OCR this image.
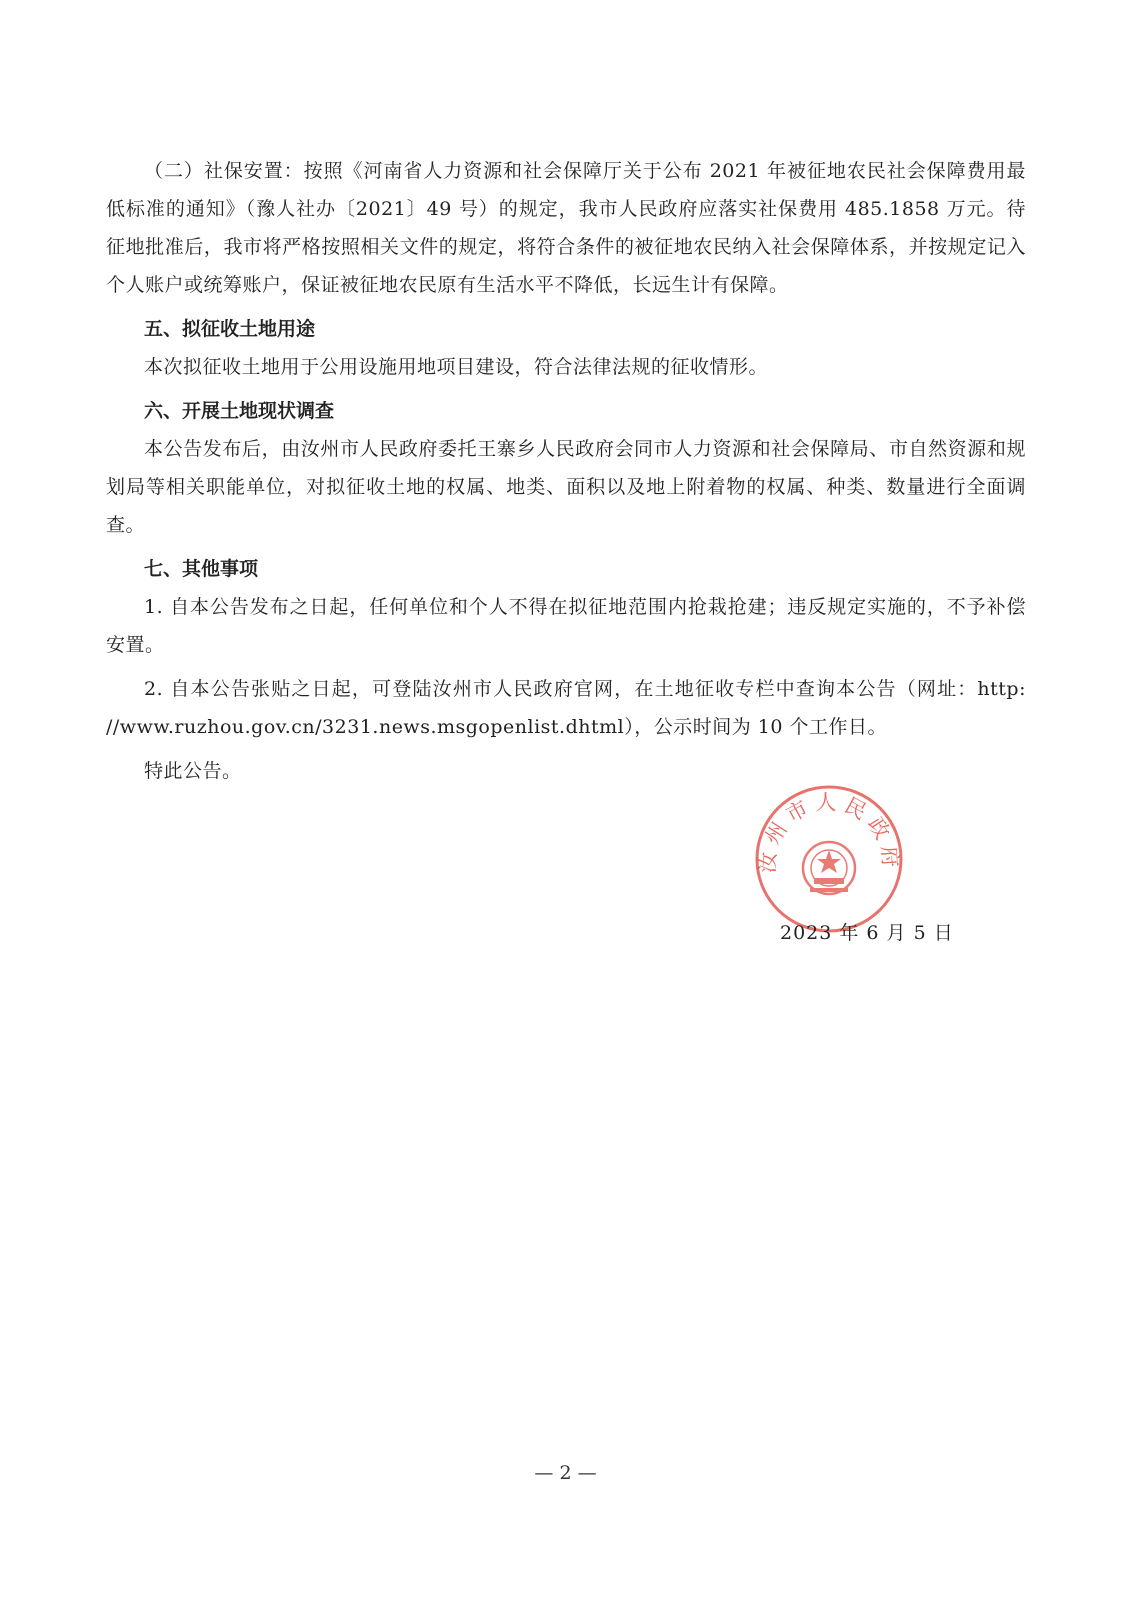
（二）社保安置：按照《河南省人力资源和社会保障厅关于公布 2021 年被征地农民社会保障费用最低标准的通知》（豫人社办〔2021〕49 号）的规定，我市人民政府应落实社保费用 485.1858 万元。待征地批准后，我市将严格按照相关文件的规定，将符合条件的被征地农民纳入社会保障体系，并按规定记入个人账户或统筹账户，保证被征地农民原有生活水平不降低，长远生计有保障。

五、拟征收土地用途

本次拟征收土地用于公用设施用地项目建设，符合法律法规的征收情形。

六、开展土地现状调查

本公告发布后，由汝州市人民政府委托王寨乡人民政府会同市人力资源和社会保障局、市自然资源和规划局等相关职能单位，对拟征收土地的权属、地类、面积以及地上附着物的权属、种类、数量进行全面调查。

七、其他事项

1. 自本公告发布之日起，任何单位和个人不得在拟征地范围内抢栽抢建；违反规定实施的，不予补偿安置。

2. 自本公告张贴之日起，可登陆汝州市人民政府官网，在土地征收专栏中查询本公告（网址：http: //www.ruzhou.gov.cn/3231.news.msgopenlist.dhtml），公示时间为 10 个工作日。

特此公告。

汝州市人民政府
2023 年 6 月 5 日
— 2 —
